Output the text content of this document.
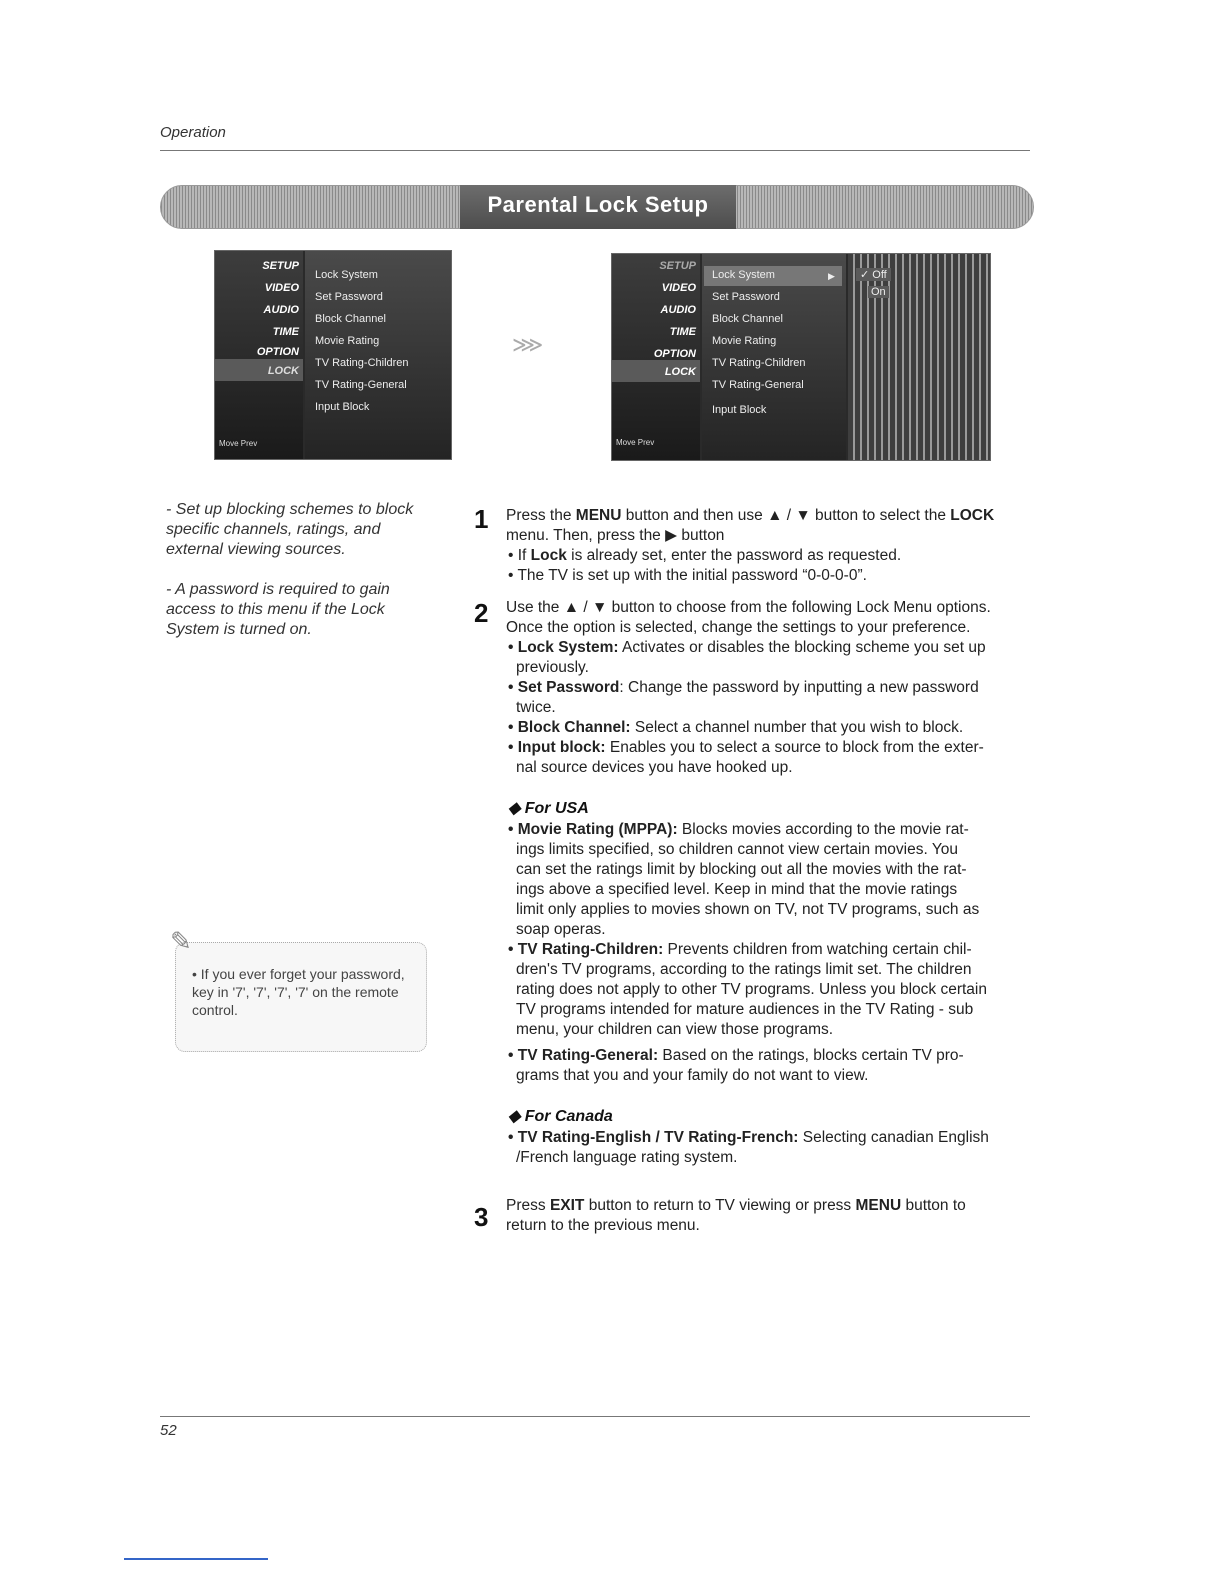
Operation
Parental Lock Setup
SETUP
VIDEO
AUDIO
TIME
OPTION
LOCK
Move Prev
Lock System
Set Password
Block Channel
Movie Rating
TV Rating-Children
TV Rating-General
Input Block
⋙
SETUP
VIDEO
AUDIO
TIME
OPTION
LOCK
Move Prev
Lock System	▶
Set Password
Block Channel
Movie Rating
TV Rating-Children
TV Rating-General
Input Block
✓ Off
On
- Set up blocking schemes to block specific channels, ratings, and external viewing sources.
- A password is required to gain access to this menu if the Lock System is turned on.
✎
• If you ever forget your password, key in '7', '7', '7', '7' on the remote control.
1 Press the MENU button and then use ▲ / ▼ button to select the LOCK
menu. Then, press the ▶ button
• If Lock is already set, enter the password as requested.
• The TV is set up with the initial password “0-0-0-0”.
2 Use the ▲ / ▼ button to choose from the following Lock Menu options.
Once the option is selected, change the settings to your preference.
• Lock System: Activates or disables the blocking scheme you set up
previously.
• Set Password: Change the password by inputting a new password
twice.
• Block Channel: Select a channel number that you wish to block.
• Input block: Enables you to select a source to block from the exter-
nal source devices you have hooked up.
◆ For USA
• Movie Rating (MPPA): Blocks movies according to the movie rat-
ings limits specified, so children cannot view certain movies. You
can set the ratings limit by blocking out all the movies with the rat-
ings above a specified level. Keep in mind that the movie ratings
limit only applies to movies shown on TV, not TV programs, such as
soap operas.
• TV Rating-Children: Prevents children from watching certain chil-
dren's TV programs, according to the ratings limit set. The children
rating does not apply to other TV programs. Unless you block certain
TV programs intended for mature audiences in the TV Rating - sub
menu, your children can view those programs.
• TV Rating-General: Based on the ratings, blocks certain TV pro-
grams that you and your family do not want to view.
◆ For Canada
• TV Rating-English / TV Rating-French: Selecting canadian English
/French language rating system.
3 Press EXIT button to return to TV viewing or press MENU button to
return to the previous menu.
52
